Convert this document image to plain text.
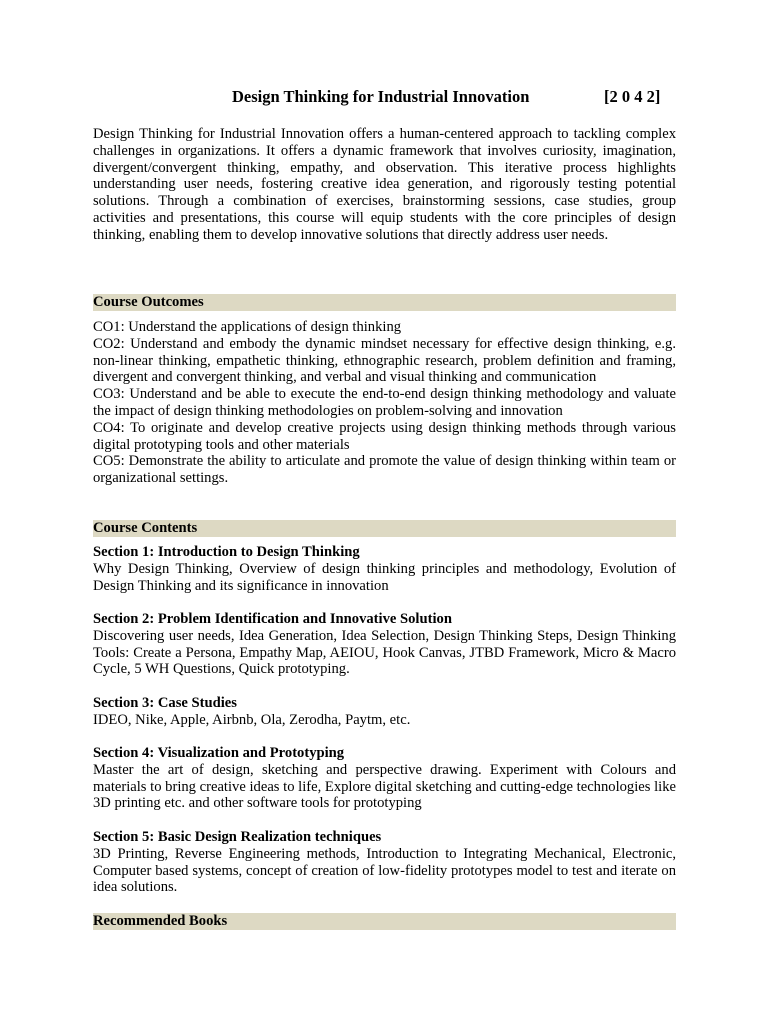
Design Thinking for Industrial Innovation	[2 0 4 2]

Design Thinking for Industrial Innovation offers a human-centered approach to tackling complex challenges in organizations. It offers a dynamic framework that involves curiosity, imagination, divergent/convergent thinking, empathy, and observation. This iterative process highlights understanding user needs, fostering creative idea generation, and rigorously testing potential solutions. Through a combination of exercises, brainstorming sessions, case studies, group activities and presentations, this course will equip students with the core principles of design thinking, enabling them to develop innovative solutions that directly address user needs.

Course Outcomes

CO1: Understand the applications of design thinking

CO2: Understand and embody the dynamic mindset necessary for effective design thinking, e.g. non-linear thinking, empathetic thinking, ethnographic research, problem definition and framing, divergent and convergent thinking, and verbal and visual thinking and communication

CO3: Understand and be able to execute the end-to-end design thinking methodology and valuate the impact of design thinking methodologies on problem-solving and innovation

CO4: To originate and develop creative projects using design thinking methods through various digital prototyping tools and other materials

CO5: Demonstrate the ability to articulate and promote the value of design thinking within team or organizational settings.

Course Contents

Section 1: Introduction to Design Thinking

Why Design Thinking, Overview of design thinking principles and methodology, Evolution of Design Thinking and its significance in innovation

Section 2: Problem Identification and Innovative Solution

Discovering user needs, Idea Generation, Idea Selection, Design Thinking Steps, Design Thinking Tools: Create a Persona, Empathy Map, AEIOU, Hook Canvas, JTBD Framework, Micro & Macro Cycle, 5 WH Questions, Quick prototyping.

Section 3: Case Studies

IDEO, Nike, Apple, Airbnb, Ola, Zerodha, Paytm, etc.

Section 4: Visualization and Prototyping

Master the art of design, sketching and perspective drawing. Experiment with Colours and materials to bring creative ideas to life, Explore digital sketching and cutting-edge technologies like 3D printing etc. and other software tools for prototyping

Section 5: Basic Design Realization techniques

3D Printing, Reverse Engineering methods, Introduction to Integrating Mechanical, Electronic, Computer based systems, concept of creation of low-fidelity prototypes model to test and iterate on idea solutions.

Recommended Books
